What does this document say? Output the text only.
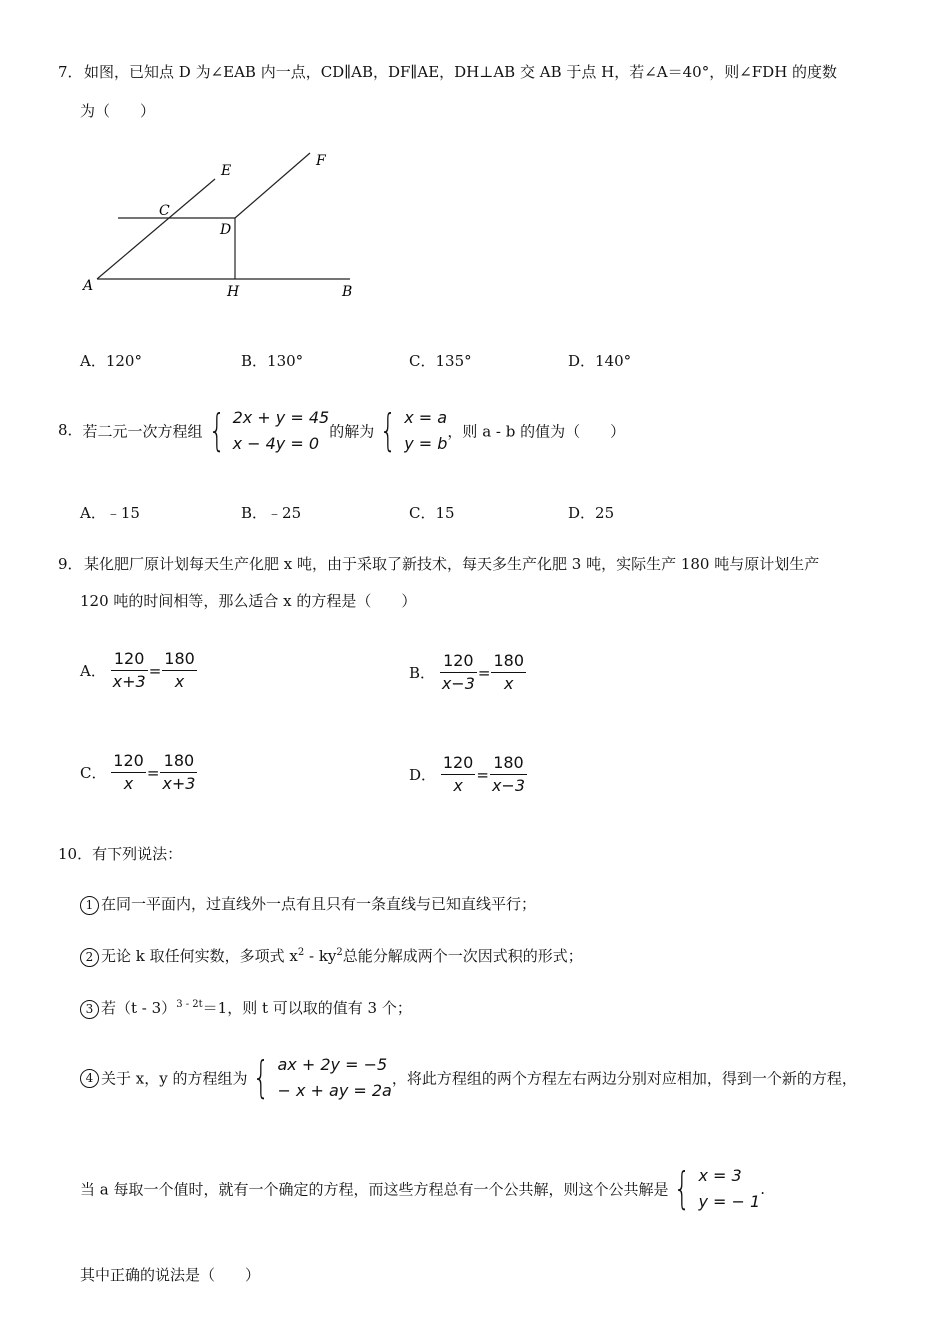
7． 如图，已知点 D 为∠EAB 内一点，CD∥AB，DF∥AE，DH⊥AB 交 AB 于点 H，若∠A＝40°，则∠FDH 的度数
为（　　）
E
F
C
D
A	H	B
A．120°	B．130°	C．135°	D．140°
8．若二元一次方程组 { 2x + y = 45
x − 4y = 0
的解为 { x = a
y = b
，则 a - b 的值为（　　）
A．﹣15	B．﹣25	C．15	D．25
9． 某化肥厂原计划每天生产化肥 x 吨，由于采取了新技术，每天多生产化肥 3 吨，实际生产 180 吨与原计划生产
120 吨的时间相等，那么适合 x 的方程是（　　）
A． $\frac{120}{x+3} = \frac{180}{x}$	B． $\frac{120}{x-3} = \frac{180}{x}$
C． $\frac{120}{x} = \frac{180}{x+3}$	D． $\frac{120}{x} = \frac{180}{x-3}$
10．有下列说法：
1 在同一平面内，过直线外一点有且只有一条直线与已知直线平行；
2 无论 k 取任何实数，多项式 $x^2 - ky^2$总能分解成两个一次因式积的形式；
3 若（t - 3）$^{3 - 2t}$＝1，则 t 可以取的值有 3 个；
4 关于 x，y 的方程组为 { ax + 2y = −5
− x + ay = 2a
，将此方程组的两个方程左右两边分别对应相加，得到一个新的方程，
当 a 每取一个值时，就有一个确定的方程，而这些方程总有一个公共解，则这个公共解是 { x = 3
y = − 1
.
其中正确的说法是（　　）
